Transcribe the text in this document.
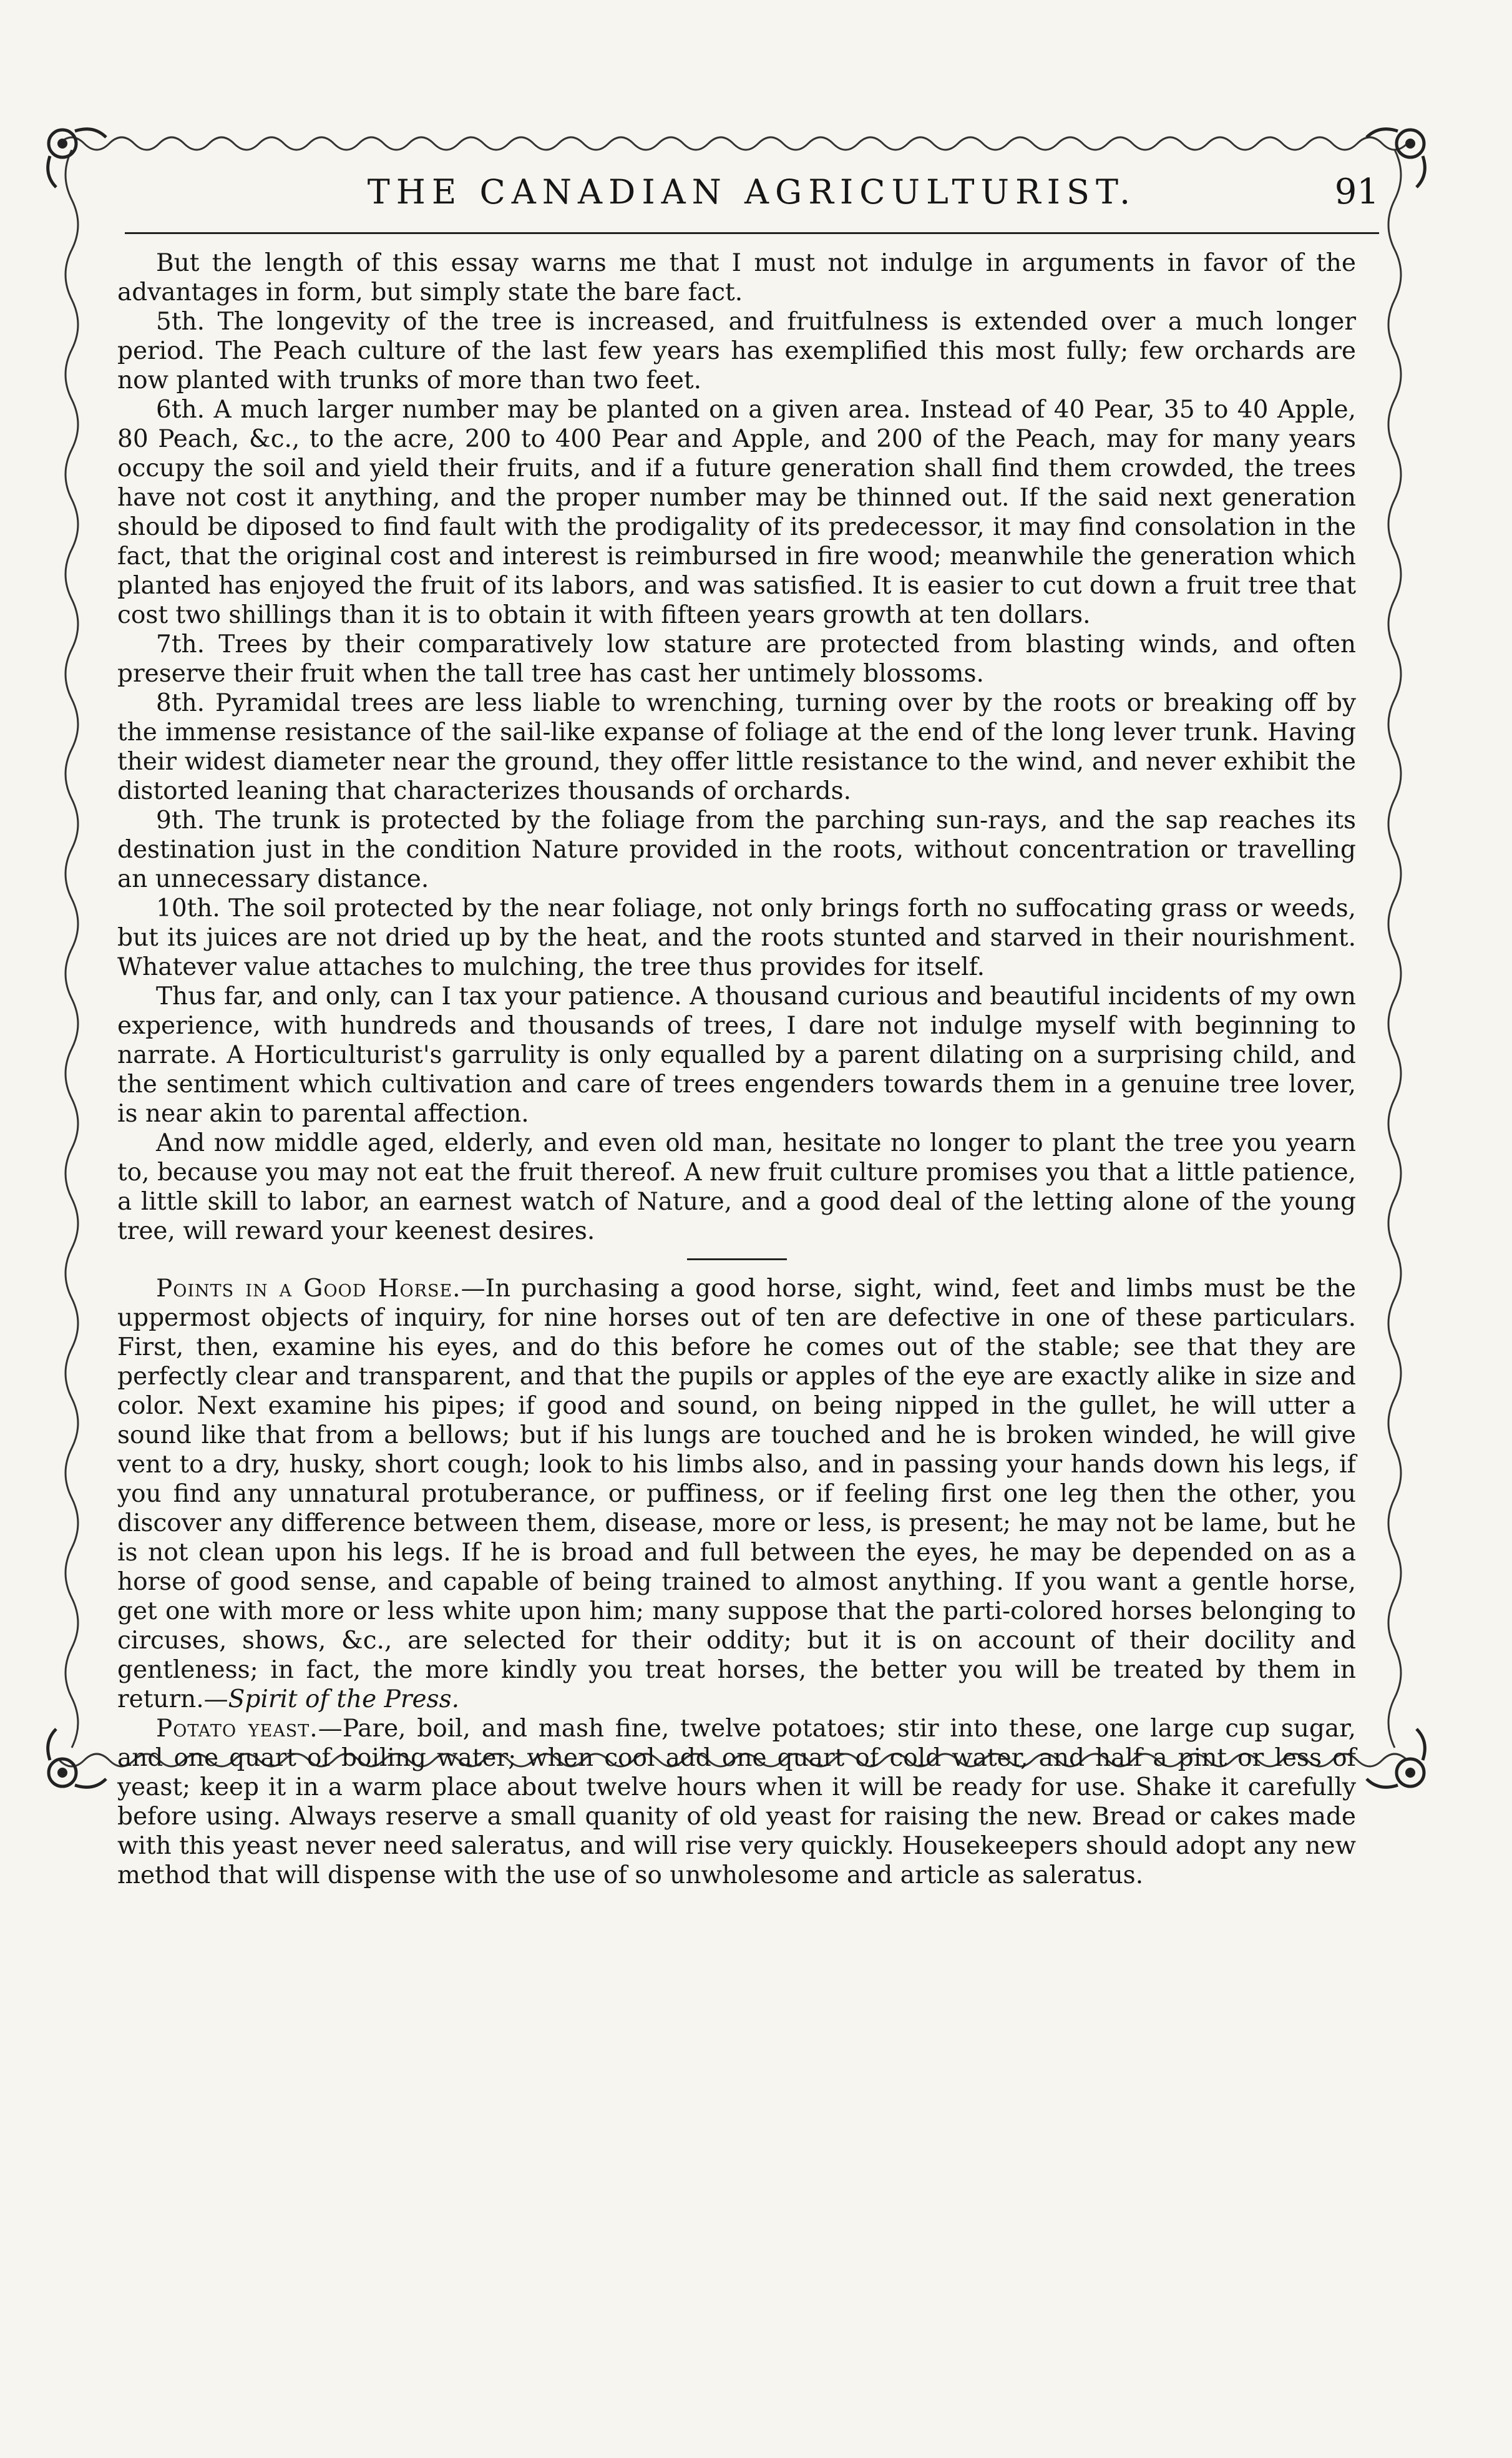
THE CANADIAN AGRICULTURIST.	91

But the length of this essay warns me that I must not indulge in arguments in favor of the advantages in form, but simply state the bare fact.

5th. The longevity of the tree is increased, and fruitfulness is extended over a much longer period. The Peach culture of the last few years has exemplified this most fully; few orchards are now planted with trunks of more than two feet.

6th. A much larger number may be planted on a given area. Instead of 40 Pear, 35 to 40 Apple, 80 Peach, &c., to the acre, 200 to 400 Pear and Apple, and 200 of the Peach, may for many years occupy the soil and yield their fruits, and if a future generation shall find them crowded, the trees have not cost it anything, and the proper number may be thinned out. If the said next generation should be diposed to find fault with the prodigality of its predecessor, it may find consolation in the fact, that the original cost and interest is reimbursed in fire wood; meanwhile the generation which planted has enjoyed the fruit of its labors, and was satisfied. It is easier to cut down a fruit tree that cost two shillings than it is to obtain it with fifteen years growth at ten dollars.

7th. Trees by their comparatively low stature are protected from blasting winds, and often preserve their fruit when the tall tree has cast her untimely blossoms.

8th. Pyramidal trees are less liable to wrenching, turning over by the roots or breaking off by the immense resistance of the sail-like expanse of foliage at the end of the long lever trunk. Having their widest diameter near the ground, they offer little resistance to the wind, and never exhibit the distorted leaning that characterizes thousands of orchards.

9th. The trunk is protected by the foliage from the parching sun-rays, and the sap reaches its destination just in the condition Nature provided in the roots, without concentration or travelling an unnecessary distance.

10th. The soil protected by the near foliage, not only brings forth no suffocating grass or weeds, but its juices are not dried up by the heat, and the roots stunted and starved in their nourishment. Whatever value attaches to mulching, the tree thus provides for itself.

Thus far, and only, can I tax your patience. A thousand curious and beautiful incidents of my own experience, with hundreds and thousands of trees, I dare not indulge myself with beginning to narrate. A Horticulturist's garrulity is only equalled by a parent dilating on a surprising child, and the sentiment which cultivation and care of trees engenders towards them in a genuine tree lover, is near akin to parental affection.

And now middle aged, elderly, and even old man, hesitate no longer to plant the tree you yearn to, because you may not eat the fruit thereof. A new fruit culture promises you that a little patience, a little skill to labor, an earnest watch of Nature, and a good deal of the letting alone of the young tree, will reward your keenest desires.

Points in a Good Horse.—In purchasing a good horse, sight, wind, feet and limbs must be the uppermost objects of inquiry, for nine horses out of ten are defective in one of these particulars. First, then, examine his eyes, and do this before he comes out of the stable; see that they are perfectly clear and transparent, and that the pupils or apples of the eye are exactly alike in size and color. Next examine his pipes; if good and sound, on being nipped in the gullet, he will utter a sound like that from a bellows; but if his lungs are touched and he is broken winded, he will give vent to a dry, husky, short cough; look to his limbs also, and in passing your hands down his legs, if you find any unnatural protuberance, or puffiness, or if feeling first one leg then the other, you discover any difference between them, disease, more or less, is present; he may not be lame, but he is not clean upon his legs. If he is broad and full between the eyes, he may be depended on as a horse of good sense, and capable of being trained to almost anything. If you want a gentle horse, get one with more or less white upon him; many suppose that the parti-colored horses belonging to circuses, shows, &c., are selected for their oddity; but it is on account of their docility and gentleness; in fact, the more kindly you treat horses, the better you will be treated by them in return.—Spirit of the Press.

Potato yeast.—Pare, boil, and mash fine, twelve potatoes; stir into these, one large cup sugar, and one quart of boiling water; when cool add one quart of cold water, and half a pint or less of yeast; keep it in a warm place about twelve hours when it will be ready for use. Shake it carefully before using. Always reserve a small quanity of old yeast for raising the new. Bread or cakes made with this yeast never need saleratus, and will rise very quickly. Housekeepers should adopt any new method that will dispense with the use of so unwholesome and article as saleratus.
